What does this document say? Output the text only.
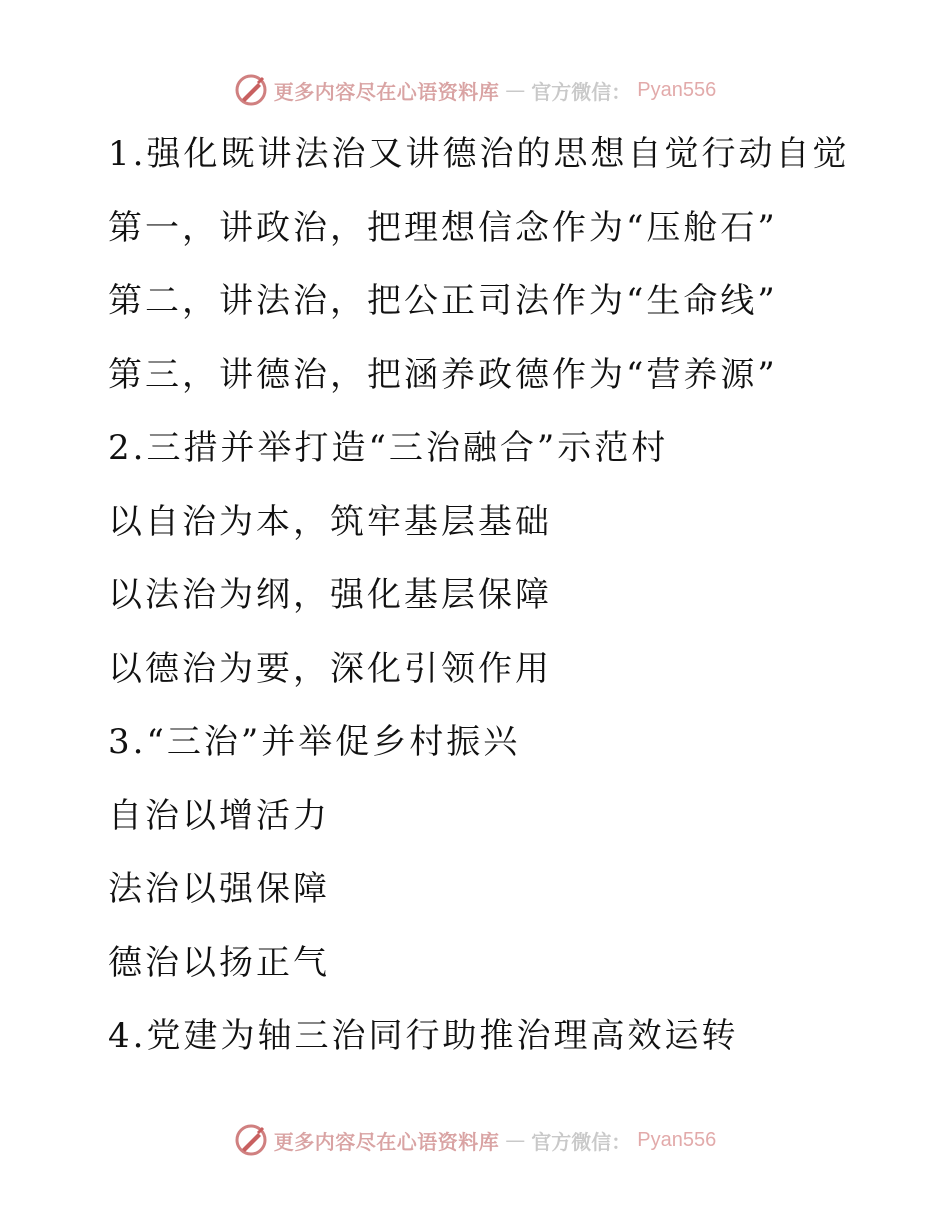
更多内容尽在心语资料库 — 官方微信： Pyan556
1.强化既讲法治又讲德治的思想自觉行动自觉
第一，讲政治，把理想信念作为“压舱石”
第二，讲法治，把公正司法作为“生命线”
第三，讲德治，把涵养政德作为“营养源”
2.三措并举打造“三治融合”示范村
以自治为本，筑牢基层基础
以法治为纲，强化基层保障
以德治为要，深化引领作用
3.“三治”并举促乡村振兴
自治以增活力
法治以强保障
德治以扬正气
4.党建为轴三治同行助推治理高效运转
更多内容尽在心语资料库 — 官方微信： Pyan556
